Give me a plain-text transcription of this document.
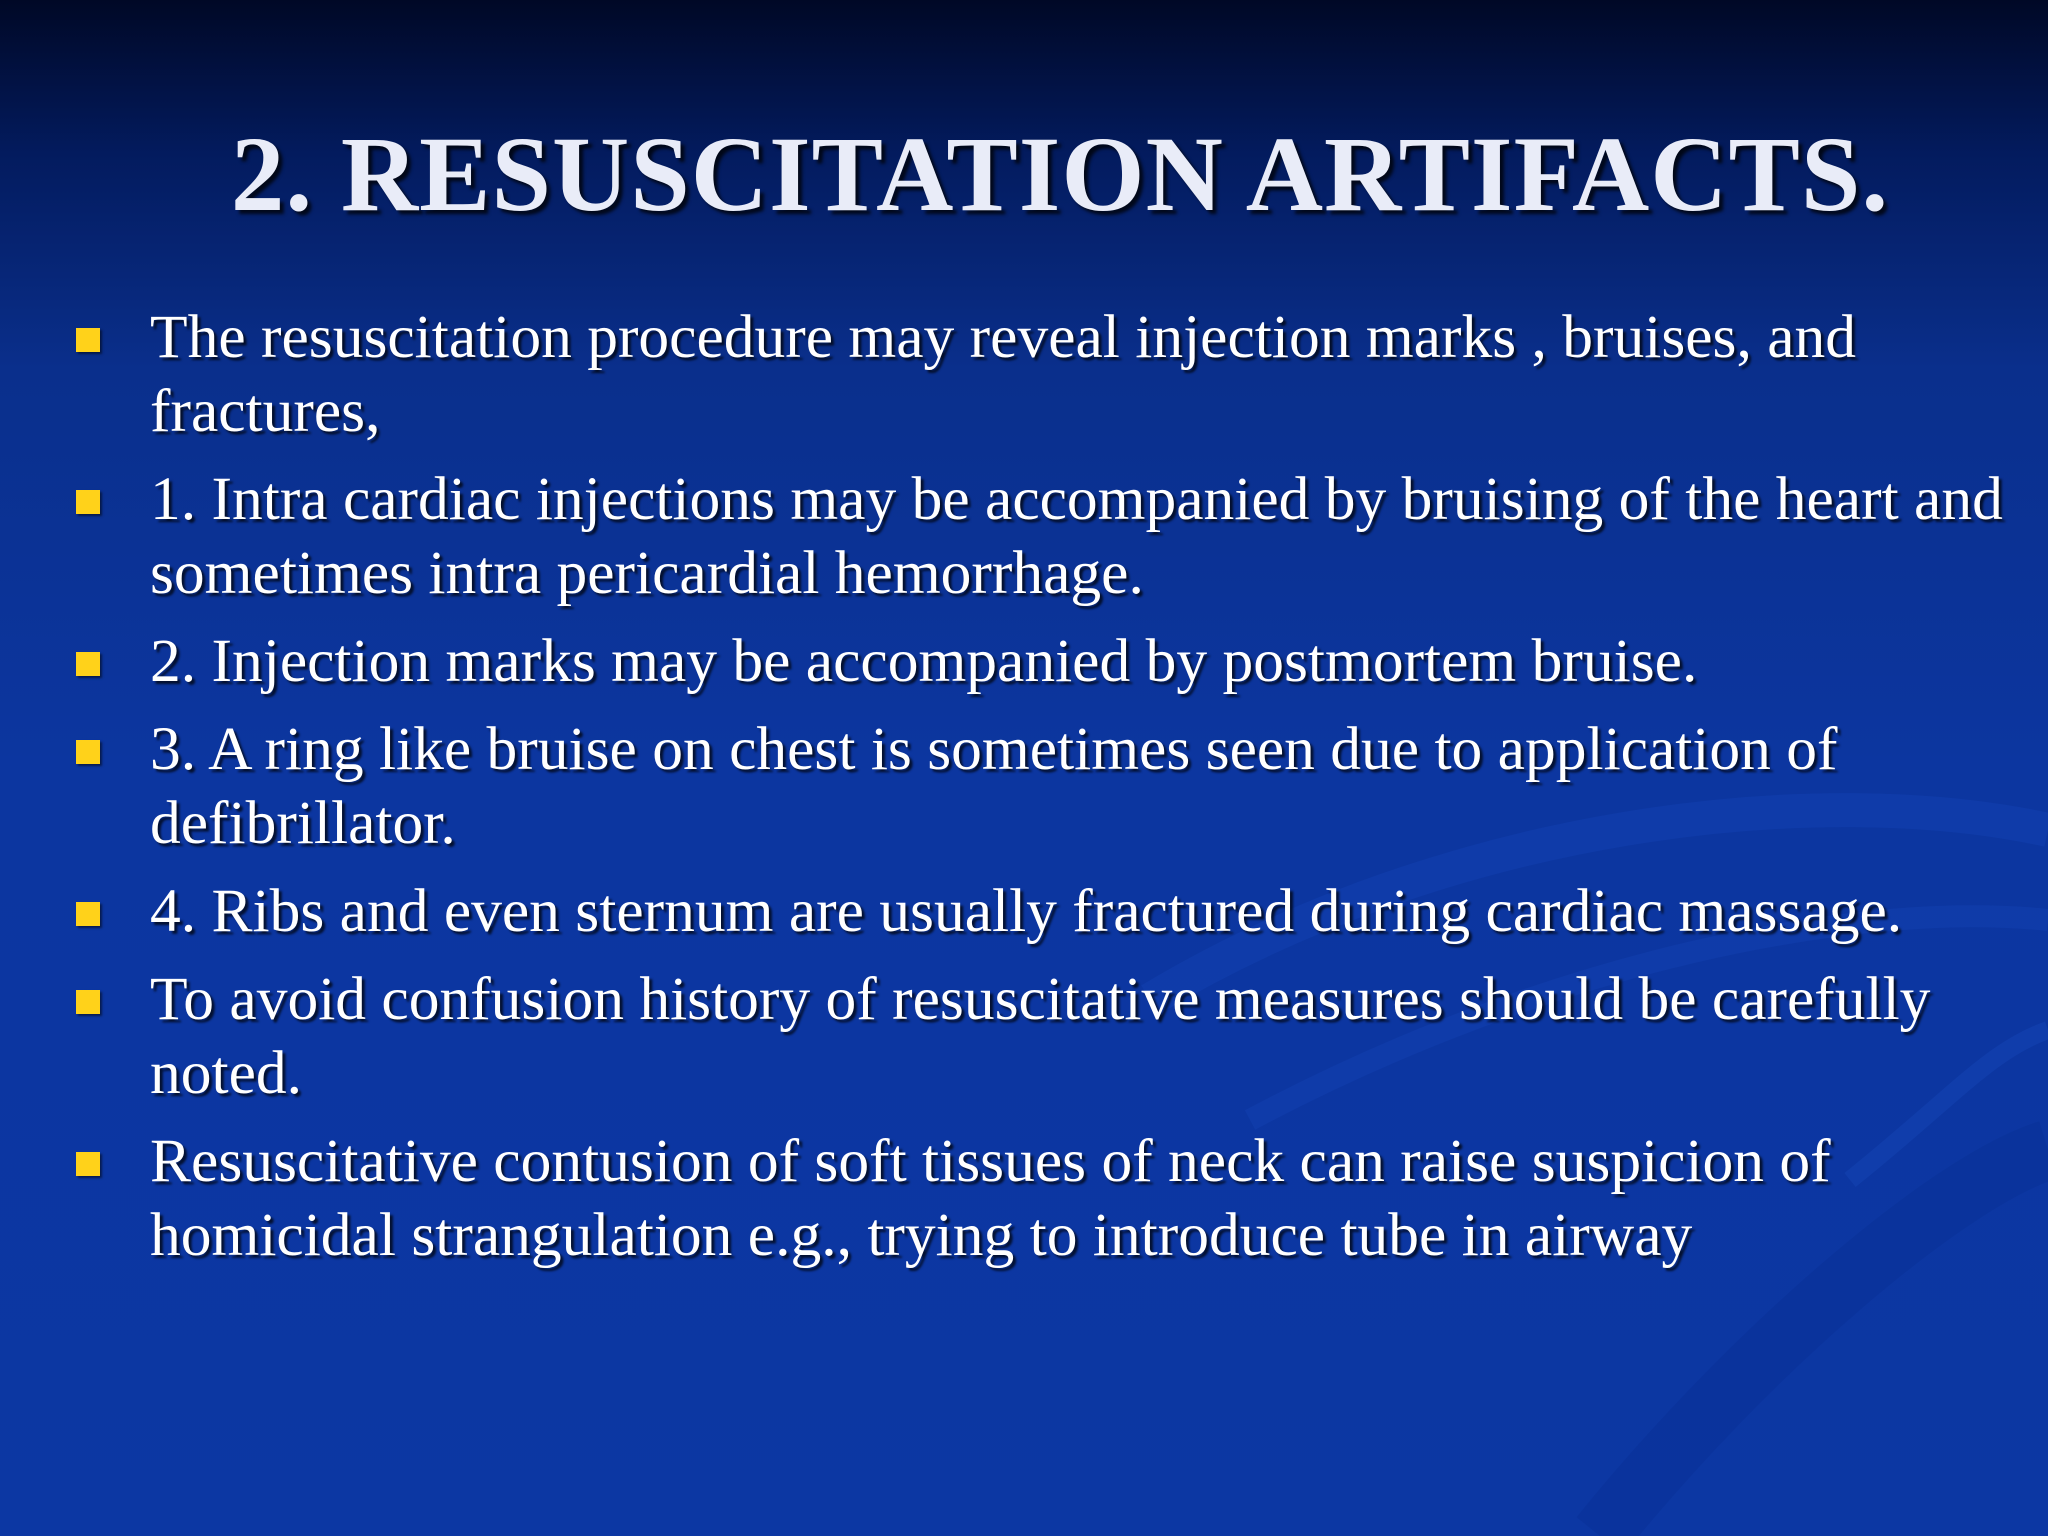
2. RESUSCITATION ARTIFACTS.
The resuscitation procedure may reveal injection marks , bruises, and fractures,
1. Intra cardiac injections may be accompanied by bruising of the heart and sometimes intra pericardial hemorrhage.
2. Injection marks may be accompanied by postmortem bruise.
3. A ring like bruise on chest is sometimes seen due to application of defibrillator.
4. Ribs and even sternum are usually fractured during cardiac massage.
To avoid confusion history of resuscitative measures should be carefully noted.
Resuscitative contusion of soft tissues of neck can raise suspicion of homicidal strangulation e.g., trying to introduce tube in airway
